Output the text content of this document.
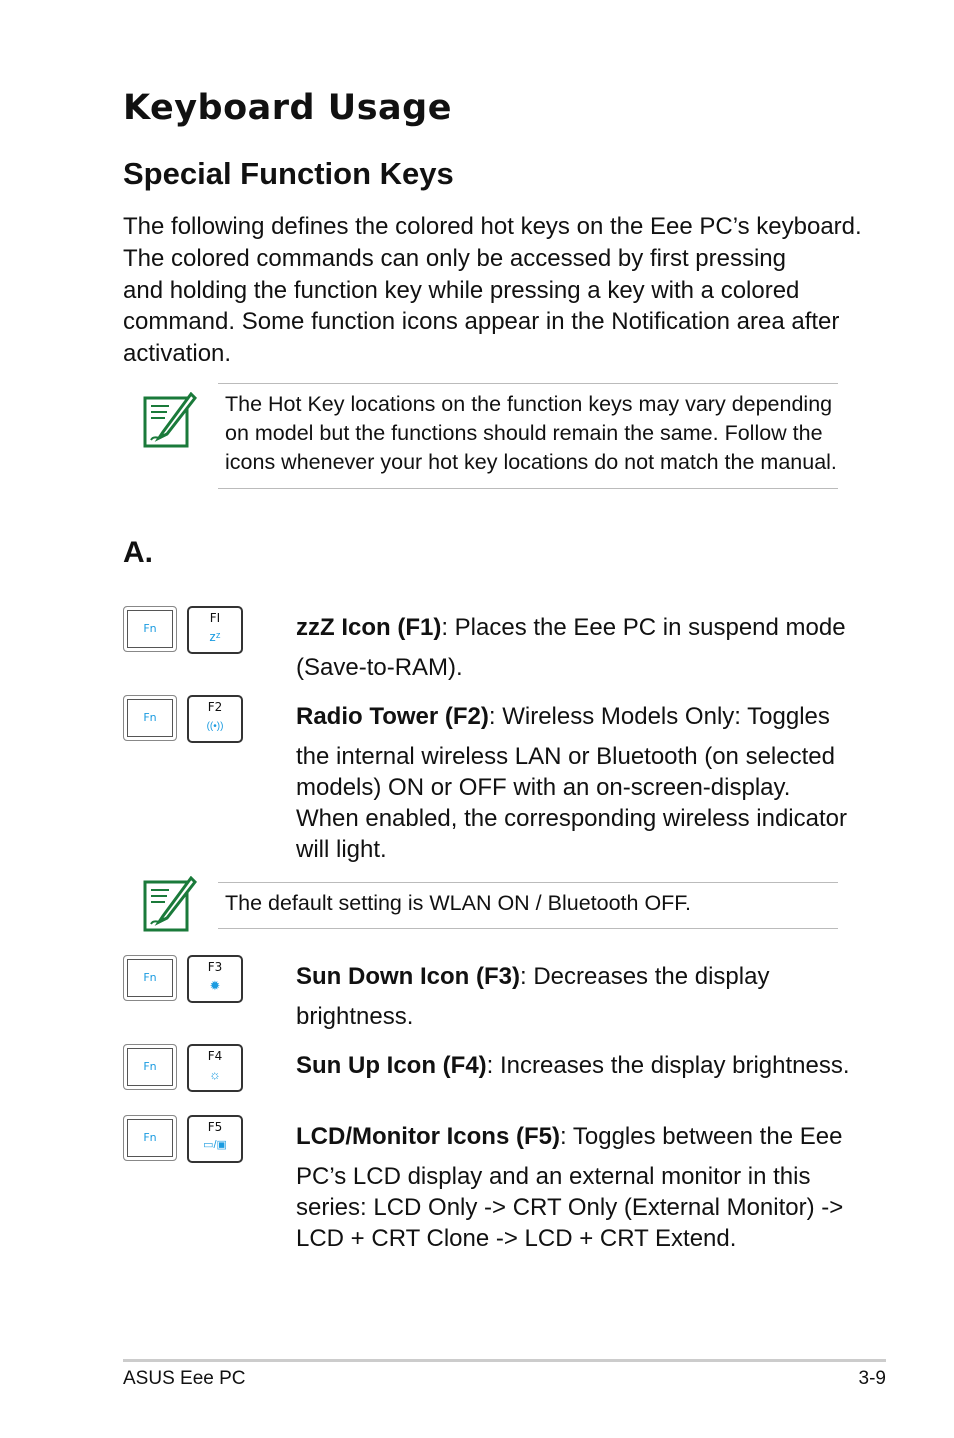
Keyboard Usage
Special Function Keys
The following defines the colored hot keys on the Eee PC’s keyboard.
The colored commands can only be accessed by first pressing
and holding the function key while pressing a key with a colored
command. Some function icons appear in the Notification area after
activation.
The Hot Key locations on the function keys may vary depending
on model but the functions should remain the same. Follow the
icons whenever your hot key locations do not match the manual.
A.
Fn
FI
zᶻ	zzZ Icon (F1): Places the Eee PC in suspend mode
(Save-to-RAM).
Fn
F2
((•))	Radio Tower (F2): Wireless Models Only: Toggles
the internal wireless LAN or Bluetooth (on selected
models) ON or OFF with an on-screen-display.
When enabled, the corresponding wireless indicator
will light.
The default setting is WLAN ON / Bluetooth OFF.
Fn
F3
✹	Sun Down Icon (F3): Decreases the display
brightness.
Fn
F4
☼	Sun Up Icon (F4): Increases the display brightness.
Fn
F5
▭/▣	LCD/Monitor Icons (F5): Toggles between the Eee
PC’s LCD display and an external monitor in this
series: LCD Only -> CRT Only (External Monitor) ->
LCD + CRT Clone -> LCD + CRT Extend.
ASUS Eee PC	3-9
